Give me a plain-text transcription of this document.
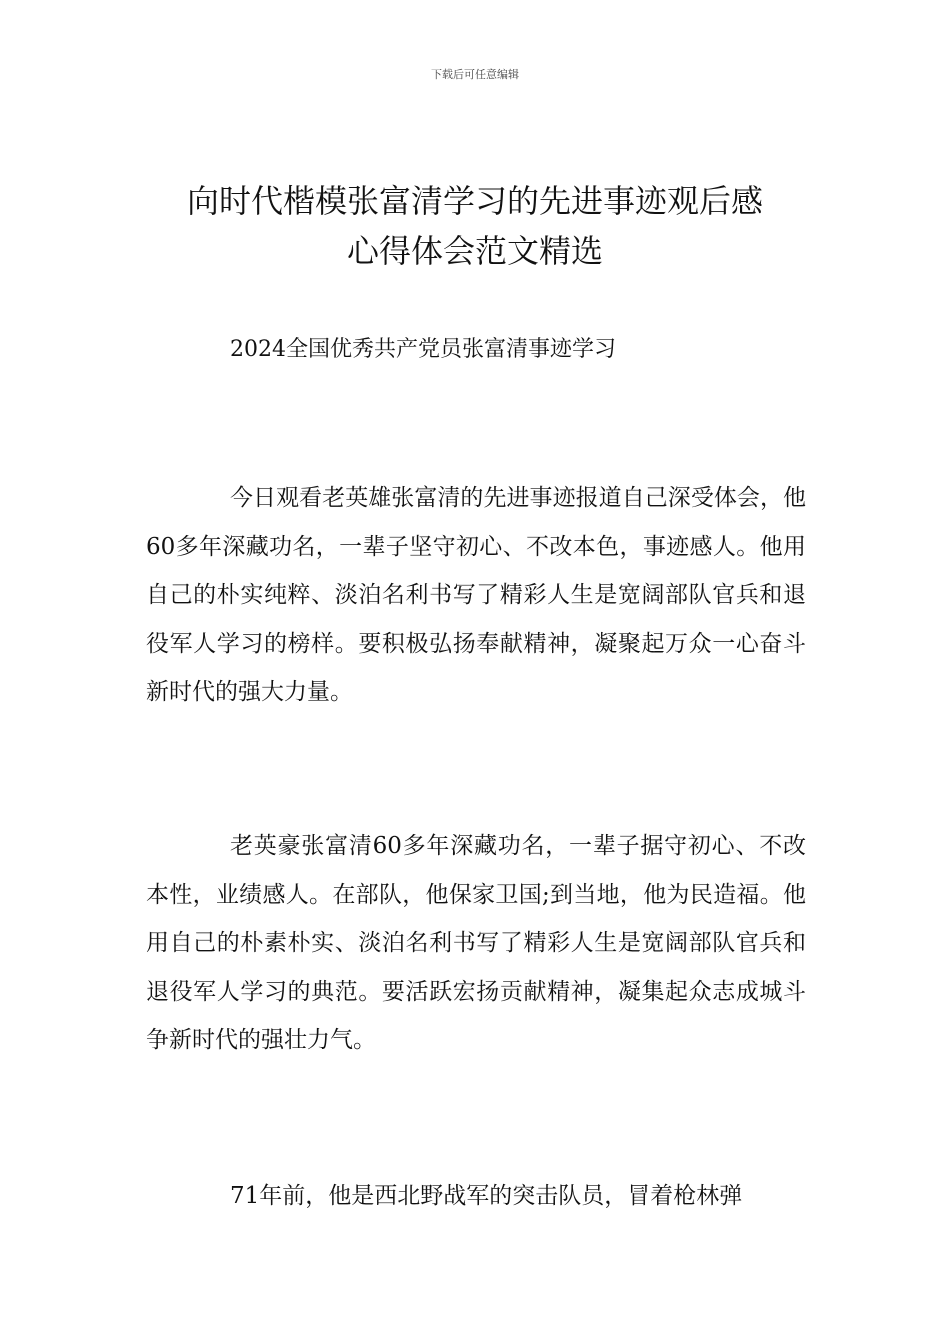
下载后可任意编辑
向时代楷模张富清学习的先进事迹观后感
心得体会范文精选
2024全国优秀共产党员张富清事迹学习

今日观看老英雄张富清的先进事迹报道自己深受体会，他60多年深藏功名，一辈子坚守初心、不改本色，事迹感人。他用自己的朴实纯粹、淡泊名利书写了精彩人生是宽阔部队官兵和退役军人学习的榜样。要积极弘扬奉献精神，凝聚起万众一心奋斗新时代的强大力量。

老英豪张富清60多年深藏功名，一辈子据守初心、不改本性，业绩感人。在部队，他保家卫国;到当地，他为民造福。他用自己的朴素朴实、淡泊名利书写了精彩人生是宽阔部队官兵和退役军人学习的典范。要活跃宏扬贡献精神，凝集起众志成城斗争新时代的强壮力气。

71年前，他是西北野战军的突击队员，冒着枪林弹
